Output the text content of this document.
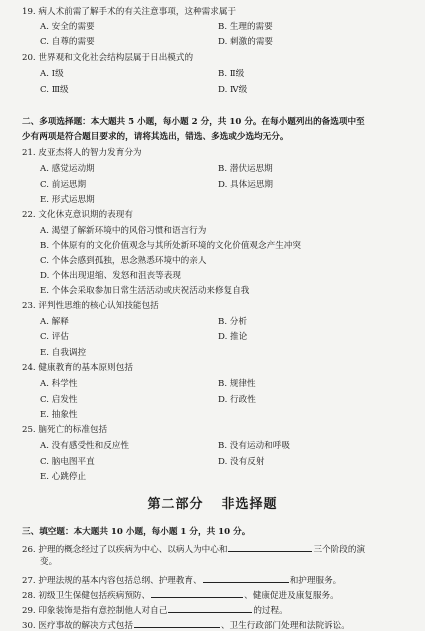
19. 病人术前需了解手术的有关注意事项，这种需求属于
A. 安全的需要	B. 生理的需要
C. 自尊的需要	D. 刺激的需要
20. 世界观和文化社会结构层属于日出模式的
A. Ⅰ级	B. Ⅱ级
C. Ⅲ级	D. Ⅳ级
二、多项选择题：本大题共 5 小题，每小题 2 分，共 10 分。在每小题列出的备选项中至
少有两项是符合题目要求的，请将其选出，错选、多选或少选均无分。
21. 皮亚杰将人的智力发育分为
A. 感觉运动期	B. 潜伏运思期
C. 前运思期	D. 具体运思期
E. 形式运思期
22. 文化休克意识期的表现有
A. 渴望了解新环境中的风俗习惯和语言行为
B. 个体原有的文化价值观念与其所处新环境的文化价值观念产生冲突
C. 个体会感到孤独，思念熟悉环境中的亲人
D. 个体出现退缩、发怒和沮丧等表现
E. 个体会采取参加日常生活活动或庆祝活动来修复自我
23. 评判性思维的核心认知技能包括
A. 解释	B. 分析
C. 评估	D. 推论
E. 自我调控
24. 健康教育的基本原则包括
A. 科学性	B. 规律性
C. 启发性	D. 行政性
E. 抽象性
25. 脑死亡的标准包括
A. 没有感受性和反应性	B. 没有运动和呼吸
C. 脑电图平直	D. 没有反射
E. 心跳停止
第二部分 非选择题
三、填空题：本大题共 10 小题，每小题 1 分，共 10 分。
26. 护理的概念经过了以疾病为中心、以病人为中心和	三个阶段的演
变。
27. 护理法规的基本内容包括总纲、护理教育、	和护理服务。
28. 初级卫生保健包括疾病预防、	、健康促进及康复服务。
29. 印象装饰是指有意控制他人对自己	的过程。
30. 医疗事故的解决方式包括	、卫生行政部门处理和法院诉讼。
